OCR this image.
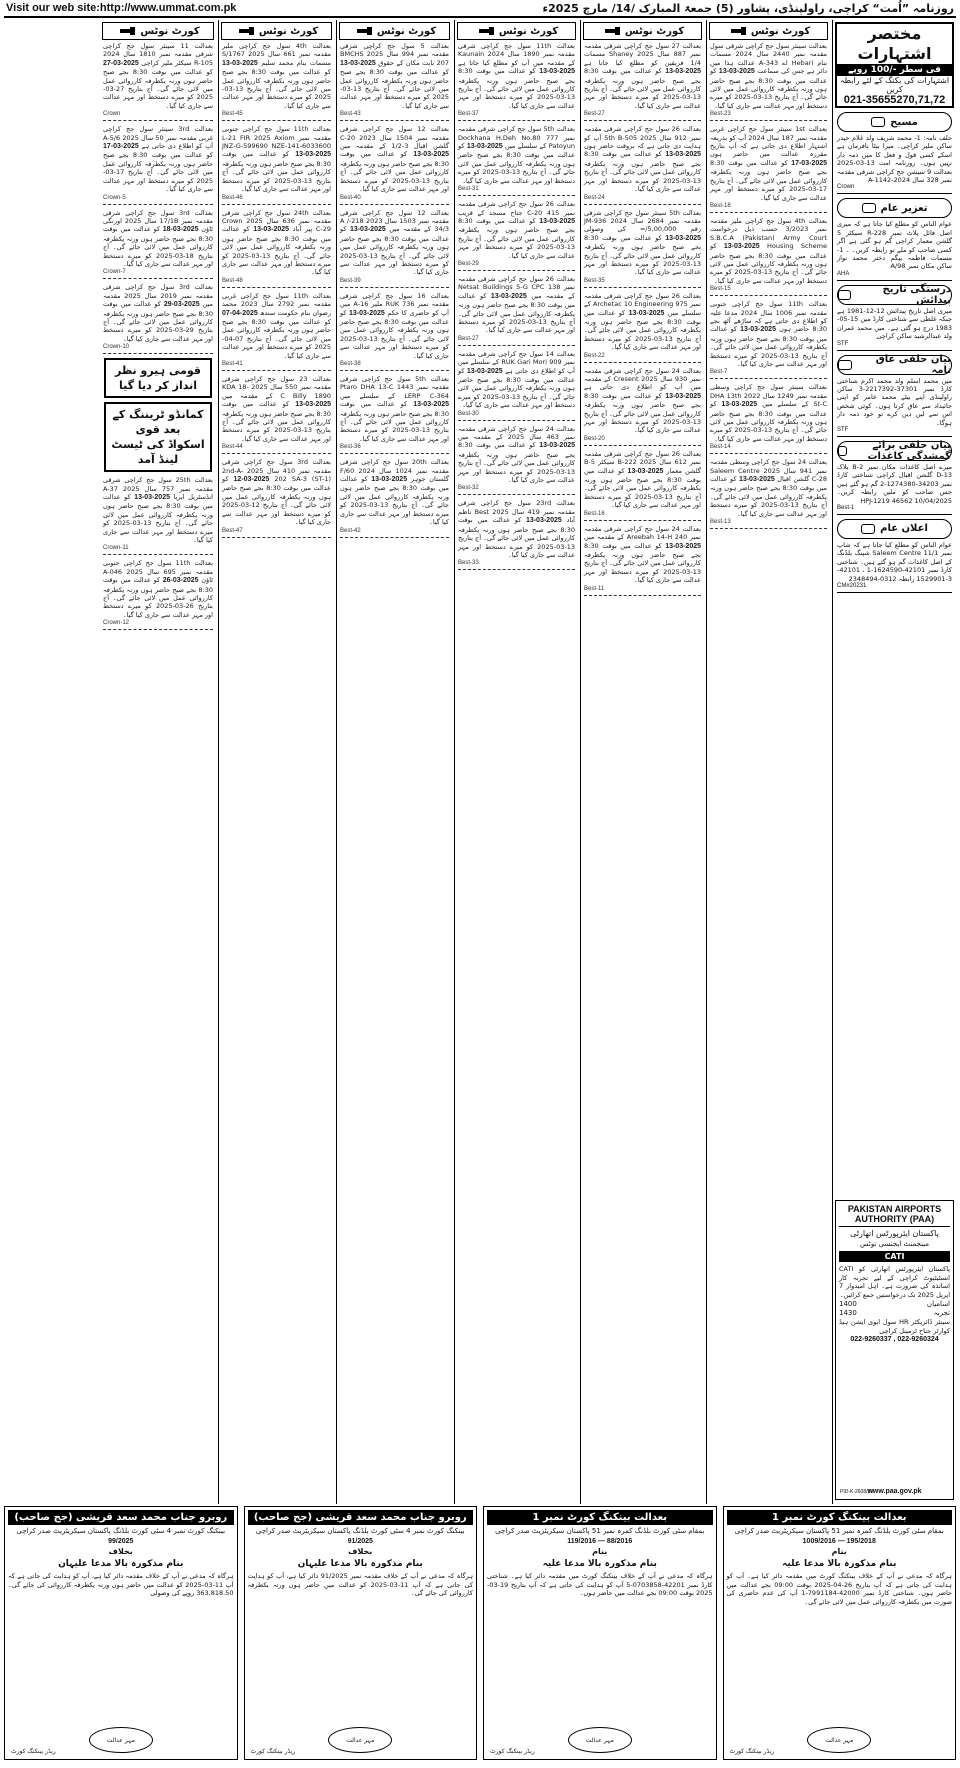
Visit our web site:http://www.ummat.com.pk	روزنامہ ”اُمت“ کراچی، راولپنڈی، پشاور (5) جمعۃ المبارک /14/ مارچ 2025ء
مختصر اشتہارات
فی سطر -/100 روپے
اشتہارات کی بکنگ کے لئے رابطہ کریں
021-35655270,71,72
مسیح

حلف نامہ: 1- محمد شریف ولد غلام حیدر ساکن ملیر کراچی۔ میرا بیٹا نافرمان ہے اسکے کسی قول و فعل کا میں ذمہ دار نہیں ہوں۔ روزنامہ امت 13-03-2025 بعدالت 9 سیشن جج کراچی شرقی مقدمہ نمبر 328 سال 2024-A-1142

Crown
تعزیر عام

عوام الناس کو مطلع کیا جاتا ہے کہ میری اصل فائل پلاٹ نمبر R-228 سیکٹر 5 گلشن معمار کراچی گم ہو گئی ہے اگر کسی صاحب کو ملے تو رابطہ کریں۔ ۔ 1- مسمات فاطمہ بیگم دختر محمد نواز ساکن مکان نمبر 98/A

AHA
درستگی تاریخ پیدائش

میری اصل تاریخ پیدائش 12-12-1981 ہے جبکہ غلطی سے شناختی کارڈ میں 15-05-1983 درج ہو گئی ہے۔ میں محمد عمران ولد عبدالرشید ساکن کراچی

STF
بیان حلفی عاق نامہ

میں محمد اسلم ولد محمد اکرم شناختی کارڈ نمبر 37301-2217392-3 ساکن راولپنڈی اپنے بیٹے محمد عامر کو اپنی جائیداد سے عاق کرتا ہوں۔ کوئی شخص اس سے لین دین کرے تو خود ذمہ دار ہوگا۔

STF
بیان حلفی برائے گمشدگی کاغذات

میرے اصل کاغذات مکان نمبر B-2 بلاک 13-D گلشن اقبال کراچی شناختی کارڈ نمبر 34203-1274380-2 گم ہو گئے ہیں جس صاحب کو ملیں رابطہ کریں۔ 10/04/2025 HPJ-1219 46562

Best-1
اعلان عام

عوام الناس کو مطلع کیا جاتا ہے کہ شاپ نمبر 11/1 Saleem Centre شپنگ بلڈنگ کے اصل کاغذات گم ہو گئے ہیں۔ شناختی کارڈ نمبر 42101-1624590-1 ، 42101-3-1529901 رابطہ 0312-2348494

CM#20231
PAKISTAN AIRPORTS AUTHORITY (PAA)
پاکستان ایئرپورٹس اتھارٹی
مینجمنٹ ایجنسی نوٹس
CATI

پاکستان ایئرپورٹس اتھارٹی کو CATI انسٹیٹیوٹ کراچی کے لیے تجربہ کار اساتذہ کی ضرورت ہے۔ اہل امیدوار 7 اپریل 2025 تک درخواستیں جمع کرائیں۔

اسامیاں
1400
تجربہ
1430

سینئر ڈائریکٹر HR سول ایوی ایشن ہیڈ کوارٹر جناح ٹرمینل کراچی

022-9260337 , 022-9260324
www.paa.gov.pk
PID-K-2608/24
کورٹ نوٹس

بعدالت سینئر سول جج کراچی شرقی سول مقدمہ نمبر 2440 سال 2024 مسمات بنام Hebari اے 343-A عدالت ہذا میں دائر ہے جس کی سماعت 13-03-2025 کو عدالت میں بوقت 8:30 بجے صبح حاضر ہوں ورنہ یکطرفہ کارروائی عمل میں لائی جائے گی۔ آج بتاریخ 13-03-2025 کو میرے دستخط اور مہر عدالت سے جاری کیا گیا۔

Best-23

بعدالت 1st سینئر سول جج کراچی غربی مقدمہ نمبر 187 سال 2024 آپ کو بذریعہ اشتہار اطلاع دی جاتی ہے کہ آپ بتاریخ مقررہ عدالت میں حاضر ہوں 17-03-2025 کو عدالت میں بوقت 8:30 بجے صبح حاضر ہوں ورنہ یکطرفہ کارروائی عمل میں لائی جائے گی۔ آج بتاریخ 17-03-2025 کو میرے دستخط اور مہر عدالت سے جاری کیا گیا۔

Best-18

بعدالت 4th سول جج کراچی ملیر مقدمہ نمبر 3/2023 حسب ذیل درخواست S.B.C.A (Pakistan) Army Court Housing Scheme 13-03-2025 کو عدالت میں بوقت 8:30 بجے صبح حاضر ہوں ورنہ یکطرفہ کارروائی عمل میں لائی جائے گی۔ آج بتاریخ 13-03-2025 کو میرے دستخط اور مہر عدالت سے جاری کیا گیا۔

Best-15

بعدالت 11th سول جج کراچی جنوبی مقدمہ نمبر 1006 سال 2024 مدعا علیہ کو اطلاع دی جاتی ہے کہ ساڑھے آٹھ بجے 8:30 حاضر ہوں 13-03-2025 کو عدالت میں بوقت 8:30 بجے صبح حاضر ہوں ورنہ یکطرفہ کارروائی عمل میں لائی جائے گی۔ آج بتاریخ 13-03-2025 کو میرے دستخط اور مہر عدالت سے جاری کیا گیا۔

Best-7

بعدالت سینئر سول جج کراچی وسطی مقدمہ نمبر 1249 سال 2022 DHA 13th St-C کے سلسلے میں 13-03-2025 کو عدالت میں بوقت 8:30 بجے صبح حاضر ہوں ورنہ یکطرفہ کارروائی عمل میں لائی جائے گی۔ آج بتاریخ 13-03-2025 کو میرے دستخط اور مہر عدالت سے جاری کیا گیا۔

Best-14

بعدالت 24 سول جج کراچی وسطی مقدمہ نمبر 941 سال 2025 Saleem Centre C-28 گلشن اقبال 13-03-2025 کو عدالت میں بوقت 8:30 بجے صبح حاضر ہوں ورنہ یکطرفہ کارروائی عمل میں لائی جائے گی۔ آج بتاریخ 13-03-2025 کو میرے دستخط اور مہر عدالت سے جاری کیا گیا۔

Best-13
کورٹ نوٹس

بعدالت 27 سول جج کراچی شرقی مقدمہ نمبر 887 سال 2025 Shaney مسمات 1/4 فریقین کو مطلع کیا جاتا ہے 13-03-2025 کو عدالت میں بوقت 8:30 بجے صبح حاضر ہوں ورنہ یکطرفہ کارروائی عمل میں لائی جائے گی۔ آج بتاریخ 13-03-2025 کو میرے دستخط اور مہر عدالت سے جاری کیا گیا۔

Best-27

بعدالت 26 سول جج کراچی شرقی مقدمہ نمبر 912 سال 2025 5th B-505 آپ کو ہدایت دی جاتی ہے کہ بروقت حاضر ہوں 13-03-2025 کو عدالت میں بوقت 8:30 بجے صبح حاضر ہوں ورنہ یکطرفہ کارروائی عمل میں لائی جائے گی۔ آج بتاریخ 13-03-2025 کو میرے دستخط اور مہر عدالت سے جاری کیا گیا۔

Best-24

بعدالت 5th سینئر سول جج کراچی شرقی مقدمہ نمبر 2684 سال 2024 JM-936 رقم 5,00,000/= کی وصولی 13-03-2025 کو عدالت میں بوقت 8:30 بجے صبح حاضر ہوں ورنہ یکطرفہ کارروائی عمل میں لائی جائے گی۔ آج بتاریخ 13-03-2025 کو میرے دستخط اور مہر عدالت سے جاری کیا گیا۔

Best-35

بعدالت 26 سول جج کراچی شرقی مقدمہ نمبر 975 Archetac 10 Engineering کے سلسلے میں 13-03-2025 کو عدالت میں بوقت 8:30 بجے صبح حاضر ہوں ورنہ یکطرفہ کارروائی عمل میں لائی جائے گی۔ آج بتاریخ 13-03-2025 کو میرے دستخط اور مہر عدالت سے جاری کیا گیا۔

Best-22

بعدالت 24 سول جج کراچی شرقی مقدمہ نمبر 930 سال 2025 Cresent کے مقدمہ میں آپ کو اطلاع دی جاتی ہے 13-03-2025 کو عدالت میں بوقت 8:30 بجے صبح حاضر ہوں ورنہ یکطرفہ کارروائی عمل میں لائی جائے گی۔ آج بتاریخ 13-03-2025 کو میرے دستخط اور مہر عدالت سے جاری کیا گیا۔

Best-20

بعدالت 26 سول جج کراچی شرقی مقدمہ نمبر 612 سال 2025 B-222 سیکٹر 5-B گلشن معمار 13-03-2025 کو عدالت میں بوقت 8:30 بجے صبح حاضر ہوں ورنہ یکطرفہ کارروائی عمل میں لائی جائے گی۔ آج بتاریخ 13-03-2025 کو میرے دستخط اور مہر عدالت سے جاری کیا گیا۔

Best-16

بعدالت 24 سول جج کراچی شرقی مقدمہ نمبر 240 Areebah 14-H کے مقدمہ میں 13-03-2025 کو عدالت میں بوقت 8:30 بجے صبح حاضر ہوں ورنہ یکطرفہ کارروائی عمل میں لائی جائے گی۔ آج بتاریخ 13-03-2025 کو میرے دستخط اور مہر عدالت سے جاری کیا گیا۔

Best-11
کورٹ نوٹس

بعدالت 11th سول جج کراچی شرقی مقدمہ نمبر 1890 سال 2024 Kaunain کے مقدمہ میں آپ کو مطلع کیا جاتا ہے 13-03-2025 کو عدالت میں بوقت 8:30 بجے صبح حاضر ہوں ورنہ یکطرفہ کارروائی عمل میں لائی جائے گی۔ آج بتاریخ 13-03-2025 کو میرے دستخط اور مہر عدالت سے جاری کیا گیا۔

Best-37

بعدالت 5th سول جج کراچی شرقی مقدمہ نمبر 777 Dockhana H.Deh No.80 Patoyun کے سلسلے میں 13-03-2025 کو عدالت میں بوقت 8:30 بجے صبح حاضر ہوں ورنہ یکطرفہ کارروائی عمل میں لائی جائے گی۔ آج بتاریخ 13-03-2025 کو میرے دستخط اور مہر عدالت سے جاری کیا گیا۔

Best-31

بعدالت 26 سول جج کراچی شرقی مقدمہ نمبر 415 C-20 جناح مسجد کے قریب 13-03-2025 کو عدالت میں بوقت 8:30 بجے صبح حاضر ہوں ورنہ یکطرفہ کارروائی عمل میں لائی جائے گی۔ آج بتاریخ 13-03-2025 کو میرے دستخط اور مہر عدالت سے جاری کیا گیا۔

Best-29

بعدالت 26 سول جج کراچی شرقی مقدمہ نمبر 138 Netsat Buildings 5-G CPC کے مقدمہ میں 13-03-2025 کو عدالت میں بوقت 8:30 بجے صبح حاضر ہوں ورنہ یکطرفہ کارروائی عمل میں لائی جائے گی۔ آج بتاریخ 13-03-2025 کو میرے دستخط اور مہر عدالت سے جاری کیا گیا۔

Best-27

بعدالت 14 سول جج کراچی شرقی مقدمہ نمبر 909 RUK Gari Mori کے سلسلے میں آپ کو اطلاع دی جاتی ہے 13-03-2025 کو عدالت میں بوقت 8:30 بجے صبح حاضر ہوں ورنہ یکطرفہ کارروائی عمل میں لائی جائے گی۔ آج بتاریخ 13-03-2025 کو میرے دستخط اور مہر عدالت سے جاری کیا گیا۔

Best-30

بعدالت 24 سول جج کراچی شرقی مقدمہ نمبر 463 سال 2025 کے مقدمہ میں 13-03-2025 کو عدالت میں بوقت 8:30 بجے صبح حاضر ہوں ورنہ یکطرفہ کارروائی عمل میں لائی جائے گی۔ آج بتاریخ 13-03-2025 کو میرے دستخط اور مہر عدالت سے جاری کیا گیا۔

Best-32

بعدالت 23rd سول جج کراچی شرقی مقدمہ نمبر 419 سال 2025 Best ناظم آباد 13-03-2025 کو عدالت میں بوقت 8:30 بجے صبح حاضر ہوں ورنہ یکطرفہ کارروائی عمل میں لائی جائے گی۔ آج بتاریخ 13-03-2025 کو میرے دستخط اور مہر عدالت سے جاری کیا گیا۔

Best-33
کورٹ نوٹس

بعدالت 5 سول جج کراچی شرقی مقدمہ نمبر 994 سال 2025 BMCHS 207 بابت مکان کے حقوق 13-03-2025 کو عدالت میں بوقت 8:30 بجے صبح حاضر ہوں ورنہ یکطرفہ کارروائی عمل میں لائی جائے گی۔ آج بتاریخ 13-03-2025 کو میرے دستخط اور مہر عدالت سے جاری کیا گیا۔

Best-43

بعدالت 12 سول جج کراچی شرقی مقدمہ نمبر 1504 سال 2023 C-20 گلشن اقبال 3-1/2 کے مقدمہ میں 13-03-2025 کو عدالت میں بوقت 8:30 بجے صبح حاضر ہوں ورنہ یکطرفہ کارروائی عمل میں لائی جائے گی۔ آج بتاریخ 13-03-2025 کو میرے دستخط اور مہر عدالت سے جاری کیا گیا۔

Best-40

بعدالت 12 سول جج کراچی شرقی مقدمہ نمبر 1503 سال 2023 218-A / 34/3 کے مقدمہ میں 13-03-2025 کو عدالت میں بوقت 8:30 بجے صبح حاضر ہوں ورنہ یکطرفہ کارروائی عمل میں لائی جائے گی۔ آج بتاریخ 13-03-2025 کو میرے دستخط اور مہر عدالت سے جاری کیا گیا۔

Best-39

بعدالت 16 سول جج کراچی شرقی مقدمہ نمبر 736 RUK ملیر 16-A میں آپ کو حاضری کا حکم 13-03-2025 کو عدالت میں بوقت 8:30 بجے صبح حاضر ہوں ورنہ یکطرفہ کارروائی عمل میں لائی جائے گی۔ آج بتاریخ 13-03-2025 کو میرے دستخط اور مہر عدالت سے جاری کیا گیا۔

Best-38

بعدالت 5th سول جج کراچی شرقی مقدمہ نمبر 1443 Ptaro DHA 13-C LERP C-364 کے سلسلے میں 13-03-2025 کو عدالت میں بوقت 8:30 بجے صبح حاضر ہوں ورنہ یکطرفہ کارروائی عمل میں لائی جائے گی۔ آج بتاریخ 13-03-2025 کو میرے دستخط اور مہر عدالت سے جاری کیا گیا۔

Best-36

بعدالت 20th سول جج کراچی شرقی مقدمہ نمبر 1024 سال 2024 F/60 گلستان جوہر 13-03-2025 کو عدالت میں بوقت 8:30 بجے صبح حاضر ہوں ورنہ یکطرفہ کارروائی عمل میں لائی جائے گی۔ آج بتاریخ 13-03-2025 کو میرے دستخط اور مہر عدالت سے جاری کیا گیا۔

Best-42
کورٹ نوٹس

بعدالت 4th سول جج کراچی ملیر مقدمہ نمبر 661 سال 2025 S/1767 مسمات بنام محمد سلیم 13-03-2025 کو عدالت میں بوقت 8:30 بجے صبح حاضر ہوں ورنہ یکطرفہ کارروائی عمل میں لائی جائے گی۔ آج بتاریخ 13-03-2025 کو میرے دستخط اور مہر عدالت سے جاری کیا گیا۔

Best-45

بعدالت 11th سول جج کراچی جنوبی مقدمہ نمبر L-21 FIR 2025 Axiom JNZ-G-599690 NZE-141-6033600 13-03-2025 کو عدالت میں بوقت 8:30 بجے صبح حاضر ہوں ورنہ یکطرفہ کارروائی عمل میں لائی جائے گی۔ آج بتاریخ 13-03-2025 کو میرے دستخط اور مہر عدالت سے جاری کیا گیا۔

Best-46

بعدالت 24th سول جج کراچی شرقی مقدمہ نمبر 636 سال 2025 Crown C-29 پیر آباد 13-03-2025 کو عدالت میں بوقت 8:30 بجے صبح حاضر ہوں ورنہ یکطرفہ کارروائی عمل میں لائی جائے گی۔ آج بتاریخ 13-03-2025 کو میرے دستخط اور مہر عدالت سے جاری کیا گیا۔

Best-48

بعدالت 11th سول جج کراچی غربی مقدمہ نمبر 2792 سال 2023 محمد رضوان بنام حکومت سندھ 07-04-2025 کو عدالت میں بوقت 8:30 بجے صبح حاضر ہوں ورنہ یکطرفہ کارروائی عمل میں لائی جائے گی۔ آج بتاریخ 07-04-2025 کو میرے دستخط اور مہر عدالت سے جاری کیا گیا۔

Best-41

بعدالت 23 سول جج کراچی شرقی مقدمہ نمبر 550 سال 2025 KDA 18-C Billy 1890 کے مقدمہ میں 13-03-2025 کو عدالت میں بوقت 8:30 بجے صبح حاضر ہوں ورنہ یکطرفہ کارروائی عمل میں لائی جائے گی۔ آج بتاریخ 13-03-2025 کو میرے دستخط اور مہر عدالت سے جاری کیا گیا۔

Best-44

بعدالت 3rd سول جج کراچی شرقی مقدمہ نمبر 410 سال 2025 2nd-A-202 SA-3 (ST-1) 12-03-2025 کو عدالت میں بوقت 8:30 بجے صبح حاضر ہوں ورنہ یکطرفہ کارروائی عمل میں لائی جائے گی۔ آج بتاریخ 12-03-2025 کو میرے دستخط اور مہر عدالت سے جاری کیا گیا۔

Best-47
کورٹ نوٹس

بعدالت 11 سینئر سول جج کراچی شرقی مقدمہ نمبر 1810 سال 2024 R-105 سیکٹر ملیر کراچی 27-03-2025 کو عدالت میں بوقت 8:30 بجے صبح حاضر ہوں ورنہ یکطرفہ کارروائی عمل میں لائی جائے گی۔ آج بتاریخ 27-03-2025 کو میرے دستخط اور مہر عدالت سے جاری کیا گیا۔

Crown

بعدالت 3rd سینئر سول جج کراچی غربی مقدمہ نمبر 50 سال 2025 A-5/6 آپ کو اطلاع دی جاتی ہے 17-03-2025 کو عدالت میں بوقت 8:30 بجے صبح حاضر ہوں ورنہ یکطرفہ کارروائی عمل میں لائی جائے گی۔ آج بتاریخ 17-03-2025 کو میرے دستخط اور مہر عدالت سے جاری کیا گیا۔

Crown-5

بعدالت 3rd سول جج کراچی شرقی مقدمہ نمبر 17/1B سال 2025 اورنگی ٹاؤن 18-03-2025 کو عدالت میں بوقت 8:30 بجے صبح حاضر ہوں ورنہ یکطرفہ کارروائی عمل میں لائی جائے گی۔ آج بتاریخ 18-03-2025 کو میرے دستخط اور مہر عدالت سے جاری کیا گیا۔

Crown-7

بعدالت 3rd سول جج کراچی شرقی مقدمہ نمبر 2019 سال 2025 مقدمہ میں 29-03-2025 کو عدالت میں بوقت 8:30 بجے صبح حاضر ہوں ورنہ یکطرفہ کارروائی عمل میں لائی جائے گی۔ آج بتاریخ 29-03-2025 کو میرے دستخط اور مہر عدالت سے جاری کیا گیا۔

Crown-10
قومی ہیرو نظر انداز کر دیا گیا
کمانڈو ٹریننگ کے بعد قوی
اسکواڈ کی ٹیسٹ لینڈ آمد

بعدالت 25th سول جج کراچی شرقی مقدمہ نمبر 757 سال 2025 A-37 انڈسٹریل ایریا 13-03-2025 کو عدالت میں بوقت 8:30 بجے صبح حاضر ہوں ورنہ یکطرفہ کارروائی عمل میں لائی جائے گی۔ آج بتاریخ 13-03-2025 کو میرے دستخط اور مہر عدالت سے جاری کیا گیا۔

Crown-11

بعدالت 11th سول جج کراچی جنوبی مقدمہ نمبر 695 سال 2025 A-046 ٹاؤن 26-03-2025 کو عدالت میں بوقت 8:30 بجے صبح حاضر ہوں ورنہ یکطرفہ کارروائی عمل میں لائی جائے گی۔ آج بتاریخ 26-03-2025 کو میرے دستخط اور مہر عدالت سے جاری کیا گیا۔

Crown-12
بعدالت بینکنگ کورٹ نمبر 1
بمقام سٹی کورٹ بلڈنگ کمرہ نمبر 51 پاکستان سیکریٹریٹ صدر کراچی
1009/2016 — 195/2018
بنام
بنام مذکورہ بالا مدعا علیہ

ہرگاہ کہ مدعی نے آپ کے خلاف بینکنگ کورٹ میں مقدمہ دائر کیا ہے۔ آپ کو ہدایت کی جاتی ہے کہ آپ بتاریخ 26-04-2025 بوقت 09:00 بجے عدالت میں حاضر ہوں۔ شناختی کارڈ نمبر 42000-7991184-1 آپ کی عدم حاضری کی صورت میں یکطرفہ کارروائی عمل میں لائی جائے گی۔

مہر عدالت
ریڈر بینکنگ کورٹ
بعدالت بینکنگ کورٹ نمبر 1
بمقام سٹی کورٹ بلڈنگ کمرہ نمبر 51 پاکستان سیکریٹریٹ صدر کراچی
119/2016 — 88/2016
بنام
بنام مذکورہ بالا مدعا علیہ

ہرگاہ کہ مدعی نے آپ کے خلاف بینکنگ کورٹ میں مقدمہ دائر کیا ہے۔ شناختی کارڈ نمبر 42201-0703858-5 آپ کو ہدایت کی جاتی ہے کہ آپ بتاریخ 19-03-2025 بوقت 09:00 بجے عدالت میں حاضر ہوں۔

مہر عدالت
ریڈر بینکنگ کورٹ
روبرو جناب محمد سعد قریشی (جج صاحب)
بینکنگ کورٹ نمبر 4 سٹی کورٹ بلڈنگ پاکستان سیکریٹریٹ صدر کراچی
91/2025
بخلاف
بنام مذکورہ بالا مدعا علیہان

ہرگاہ کہ مدعی نے آپ کے خلاف مقدمہ نمبر 91/2025 دائر کیا ہے، آپ کو ہدایت کی جاتی ہے کہ آپ 11-03-2025 کو عدالت میں حاضر ہوں ورنہ یکطرفہ کارروائی کی جائے گی۔

مہر عدالت
ریڈر بینکنگ کورٹ
روبرو جناب محمد سعد قریشی (جج صاحب)
بینکنگ کورٹ نمبر 4 سٹی کورٹ بلڈنگ پاکستان سیکریٹریٹ صدر کراچی
99/2025
بخلاف
بنام مذکورہ بالا مدعا علیہان

ہرگاہ کہ مدعی نے آپ کے خلاف مقدمہ دائر کیا ہے، آپ کو ہدایت کی جاتی ہے کہ آپ 11-03-2025 کو عدالت میں حاضر ہوں ورنہ یکطرفہ کارروائی کی جائے گی۔ 363,818.50 روپے کی وصولی

مہر عدالت
ریڈر بینکنگ کورٹ
